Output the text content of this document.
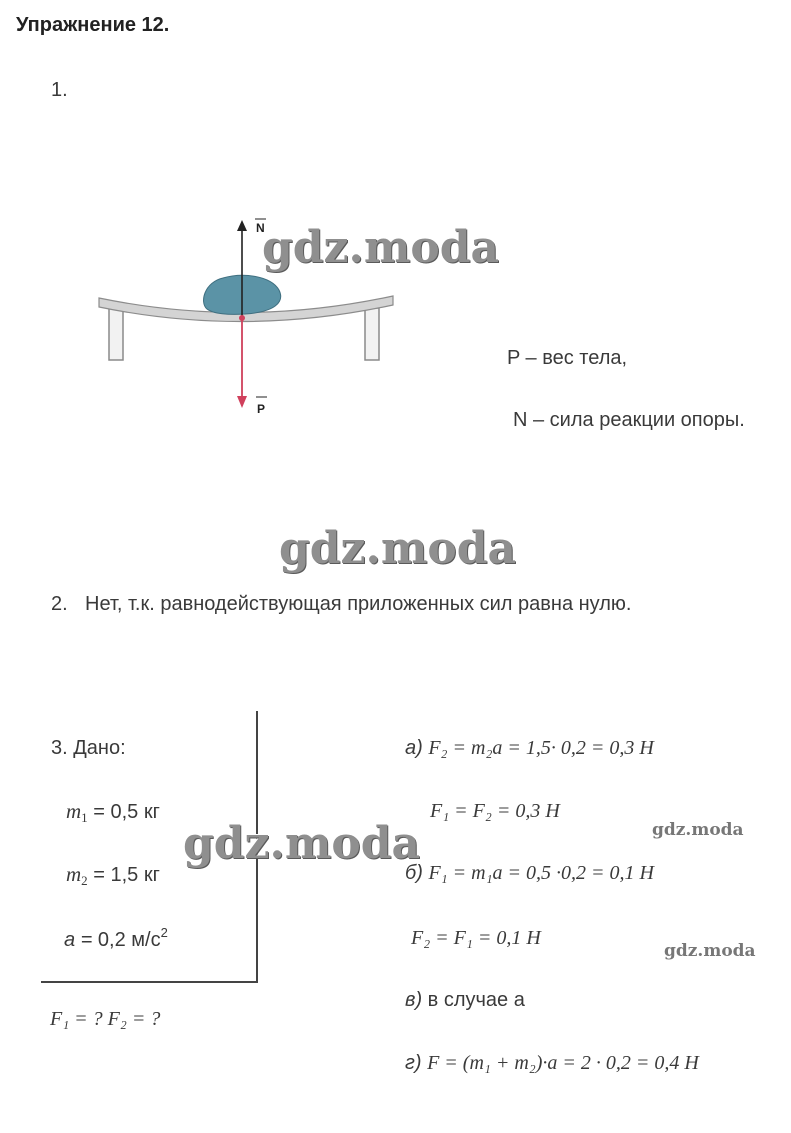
Упражнение 12.
1.
N
P
gdz.moda
P – вес тела,
N – сила реакции опоры.
gdz.moda
2. Нет, т.к. равнодействующая приложенных сил равна нулю.
3. Дано:
$m_1 = 0,5$ кг
$m_2 = 1,5$ кг
a = 0,2 $м/с^2$
gdz.moda
F₁ = ? F₂ = ?
а) F₂ = m₂a = 1,5· 0,2 = 0,3 Н
F₁ = F₂ = 0,3 Н
gdz.moda
б) F₁ = m₁a = 0,5 ·0,2 = 0,1 Н
F₂ = F₁ = 0,1 Н
gdz.moda
в) в случае а
г) F = (m₁ + m₂)·a = 2 · 0,2 = 0,4 Н
